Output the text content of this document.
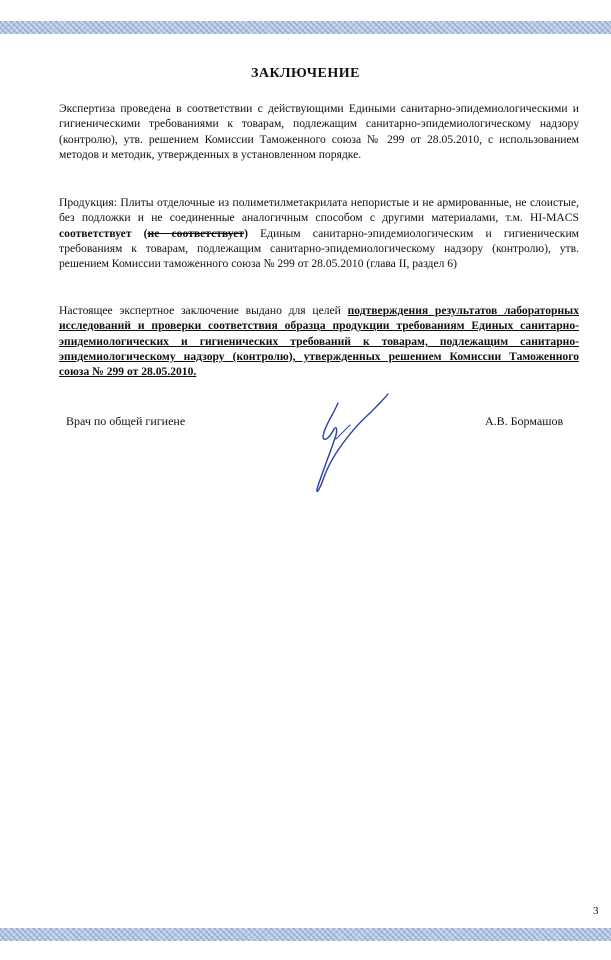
ЗАКЛЮЧЕНИЕ

Экспертиза проведена в соответствии с действующими Едиными санитарно-эпидемиологическими и гигиеническими требованиями к товарам, подлежащим санитарно-эпидемиологическому надзору (контролю), утв. решением Комиссии Таможенного союза № 299 от 28.05.2010, с использованием методов и методик, утвержденных в установленном порядке.

Продукция: Плиты отделочные из полиметилметакрилата непористые и не армированные, не слоистые, без подложки и не соединенные аналогичным способом с другими материалами, т.м. HI-MACS соответствует (не соответствует) Единым санитарно-эпидемиологическим и гигиеническим требованиям к товарам, подлежащим санитарно-эпидемиологическому надзору (контролю), утв. решением Комиссии таможенного союза № 299 от 28.05.2010 (глава II, раздел 6)

Настоящее экспертное заключение выдано для целей подтверждения результатов лабораторных исследований и проверки соответствия образца продукции требованиям Единых санитарно-эпидемиологических и гигиенических требований к товарам, подлежащим санитарно-эпидемиологическому надзору (контролю), утвержденных решением Комиссии Таможенного союза № 299 от 28.05.2010.

Врач по общей гигиене	А.В. Бормашов
3
